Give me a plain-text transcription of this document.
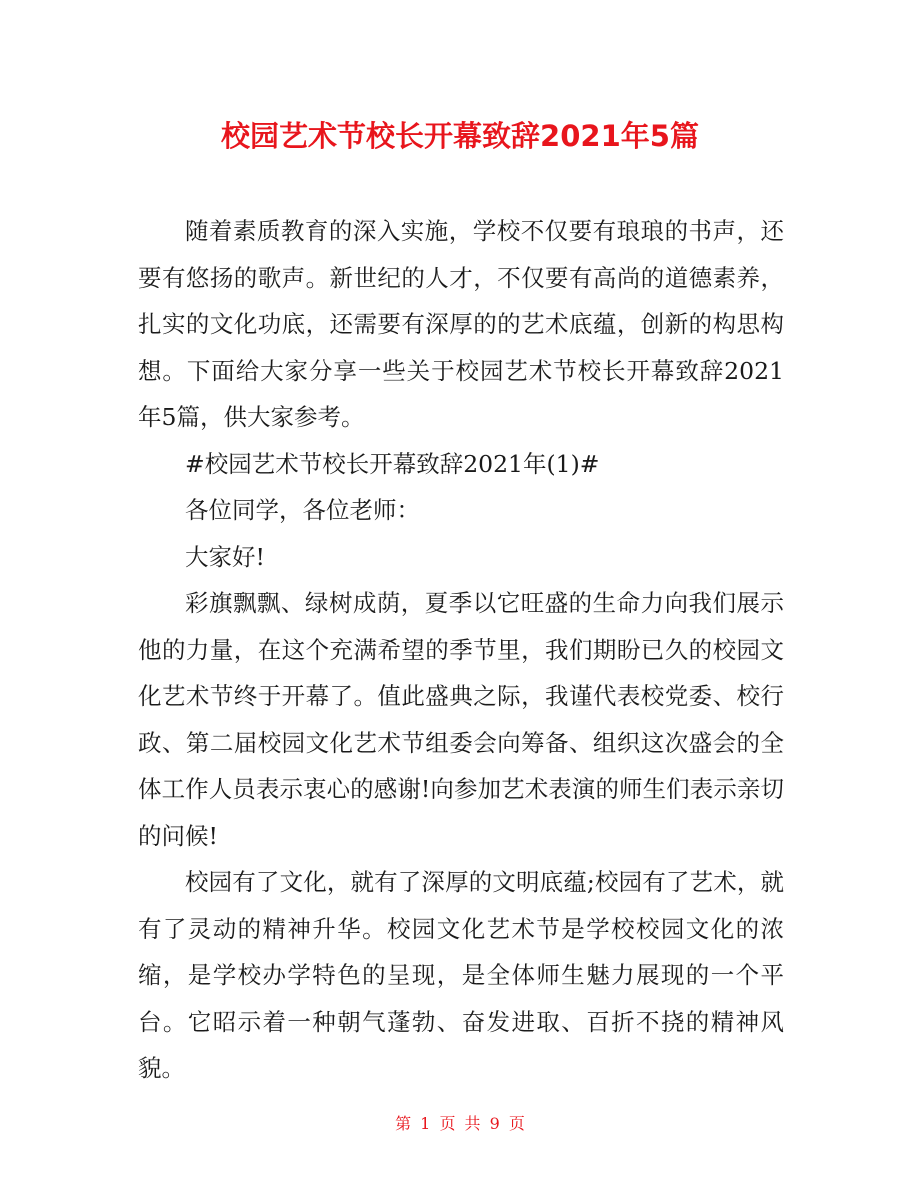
校园艺术节校长开幕致辞2021年5篇

随着素质教育的深入实施，学校不仅要有琅琅的书声，还要有悠扬的歌声。新世纪的人才，不仅要有高尚的道德素养，扎实的文化功底，还需要有深厚的的艺术底蕴，创新的构思构想。下面给大家分享一些关于校园艺术节校长开幕致辞2021年5篇，供大家参考。

#校园艺术节校长开幕致辞2021年(1)#

各位同学，各位老师：

大家好!

彩旗飘飘、绿树成荫，夏季以它旺盛的生命力向我们展示他的力量，在这个充满希望的季节里，我们期盼已久的校园文化艺术节终于开幕了。值此盛典之际，我谨代表校党委、校行政、第二届校园文化艺术节组委会向筹备、组织这次盛会的全体工作人员表示衷心的感谢!向参加艺术表演的师生们表示亲切的问候!

校园有了文化，就有了深厚的文明底蕴;校园有了艺术，就有了灵动的精神升华。校园文化艺术节是学校校园文化的浓缩，是学校办学特色的呈现，是全体师生魅力展现的一个平台。它昭示着一种朝气蓬勃、奋发进取、百折不挠的精神风貌。

第 1 页 共 9 页
